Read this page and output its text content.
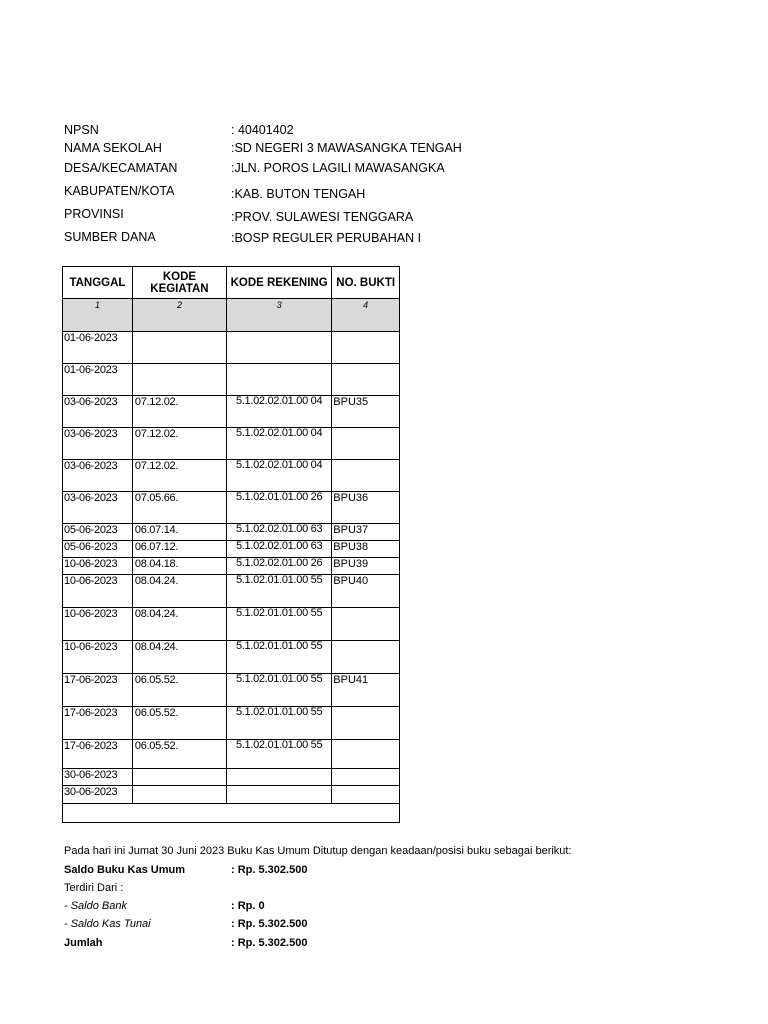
NPSN	: 40401402
NAMA SEKOLAH	:SD NEGERI 3 MAWASANGKA TENGAH
DESA/KECAMATAN	:JLN. POROS LAGILI MAWASANGKA
KABUPATEN/KOTA	:KAB. BUTON TENGAH
PROVINSI	:PROV. SULAWESI TENGGARA
SUMBER DANA	:BOSP REGULER PERUBAHAN I
TANGGAL	KODE KEGIATAN	KODE REKENING	NO. BUKTI
1	2	3	4
01-06-2023			
01-06-2023			
03-06-2023	07.12.02.	5.1.02.02.01.00 04	BPU35
03-06-2023	07.12.02.	5.1.02.02.01.00 04	
03-06-2023	07.12.02.	5.1.02.02.01.00 04	
03-06-2023	07.05.66.	5.1.02.01.01.00 26	BPU36
05-06-2023	06.07.14.	5.1.02.02.01.00 63	BPU37
05-06-2023	06.07.12.	5.1.02.02.01.00 63	BPU38
10-06-2023	08.04.18.	5.1.02.02.01.00 26	BPU39
10-06-2023	08.04.24.	5.1.02.01.01.00 55	BPU40
10-06-2023	08.04.24.	5.1.02.01.01.00 55	
10-06-2023	08.04.24.	5.1.02.01.01.00 55	
17-06-2023	06.05.52.	5.1.02.01.01.00 55	BPU41
17-06-2023	06.05.52.	5.1.02.01.01.00 55	
17-06-2023	06.05.52.	5.1.02.01.01.00 55	
30-06-2023			
30-06-2023			

Pada hari ini Jumat 30 Juni 2023 Buku Kas Umum Ditutup dengan keadaan/posisi buku sebagai berikut:
Saldo Buku Kas Umum	: Rp. 5.302.500
Terdiri Dari :
- Saldo Bank	: Rp. 0
- Saldo Kas Tunai	: Rp. 5.302.500
Jumlah	: Rp. 5.302.500
